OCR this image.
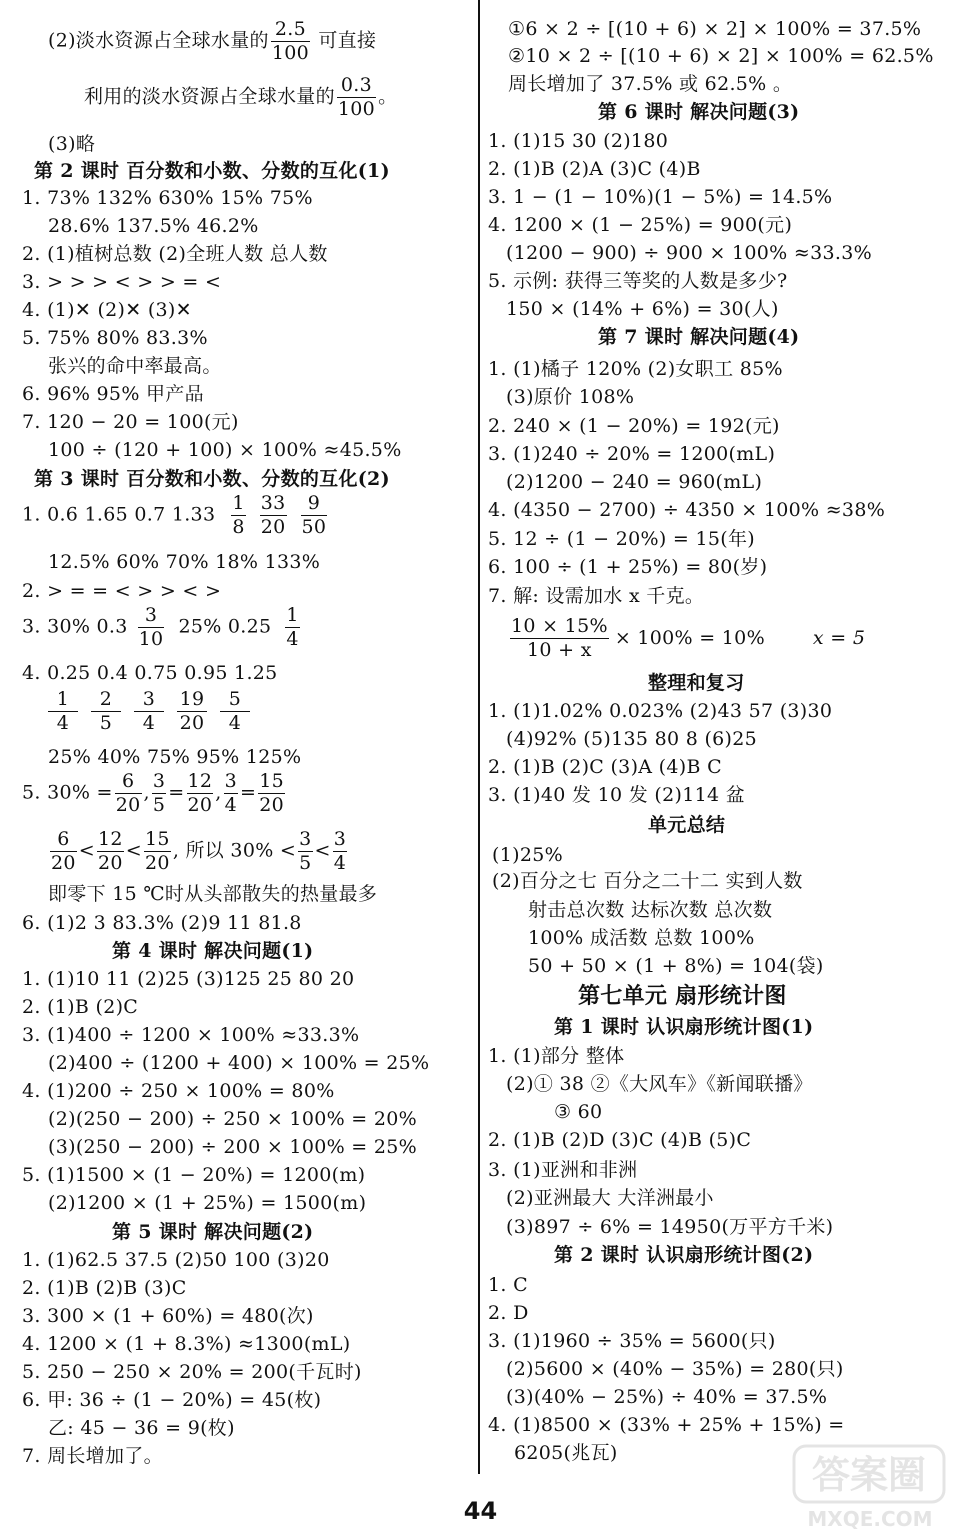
(2)淡水资源占全球水量的 $\frac{2.5}{100}$ 可直接
利用的淡水资源占全球水量的 $\frac{0.3}{100}$ 。
(3)略
第 2 课时 百分数和小数、分数的互化(1)
1. 73% 132% 630% 15% 75%
28.6% 137.5% 46.2%
2. (1)植树总数 (2)全班人数 总人数
3. > > > < > > = <
4. (1)✕ (2)✕ (3)✕
5. 75% 80% 83.3%
张兴的命中率最高。
6. 96% 95% 甲产品
7. 120 − 20 = 100(元)
100 ÷ (120 + 100) × 100% ≈45.5%
第 3 课时 百分数和小数、分数的互化(2)
1. 0.6 1.65 0.7 $1.33 \frac{1}{8} \frac{33}{20} \frac{9}{50}$
12.5% 60% 70% 18% 133%
2. > = = < > > < >
3. 30% $0.3 \frac{3}{10} 25\%$ $0.25 \frac{1}{4}$
4. 0.25 0.4 0.75 0.95 1.25
25% 40% 75% 95% 125%
5. $30\% = \frac{6}{20}$ , $\frac{3}{5} = \frac{12}{20}$ , $\frac{3}{4} = \frac{15}{20}$
$\frac{6}{20} < \frac{12}{20} < \frac{15}{20}$ , 所以 $30\% < \frac{3}{5} < \frac{3}{4}$
即零下 15 ℃时从头部散失的热量最多
6. (1)2 3 83.3% (2)9 11 81.8
第 4 课时 解决问题(1)
1. (1)10 11 (2)25 (3)125 25 80 20
2. (1)B (2)C
3. (1)400 ÷ 1200 × 100% ≈33.3%
(2)400 ÷ (1200 + 400) × 100% = 25%
4. (1)200 ÷ 250 × 100% = 80%
(2)(250 − 200) ÷ 250 × 100% = 20%
(3)(250 − 200) ÷ 200 × 100% = 25%
5. (1)1500 × (1 − 20%) = 1200(m)
(2)1200 × (1 + 25%) = 1500(m)
第 5 课时 解决问题(2)
1. (1)62.5 37.5 (2)50 100 (3)20
2. (1)B (2)B (3)C
3. 300 × (1 + 60%) = 480(次)
4. 1200 × (1 + 8.3%) ≈1300(mL)
5. 250 − 250 × 20% = 200(千瓦时)
6. 甲: 36 ÷ (1 − 20%) = 45(枚)
乙: 45 − 36 = 9(枚)
7. 周长增加了。
$\frac{1}{4} \frac{2}{5} \frac{3}{4} \frac{19}{20} \frac{5}{4}$
①6 × 2 ÷ [(10 + 6) × 2] × 100% = 37.5%
②10 × 2 ÷ [(10 + 6) × 2] × 100% = 62.5%
周长增加了 37.5% 或 62.5% 。
第 6 课时 解决问题(3)
1. (1)15 30 (2)180
2. (1)B (2)A (3)C (4)B
3. 1 − (1 − 10%)(1 − 5%) = 14.5%
4. 1200 × (1 − 25%) = 900(元)
(1200 − 900) ÷ 900 × 100% ≈33.3%
5. 示例: 获得三等奖的人数是多少?
150 × (14% + 6%) = 30(人)
第 7 课时 解决问题(4)
1. (1)橘子 120% (2)女职工 85%
(3)原价 108%
2. 240 × (1 − 20%) = 192(元)
3. (1)240 ÷ 20% = 1200(mL)
(2)1200 − 240 = 960(mL)
4. (4350 − 2700) ÷ 4350 × 100% ≈38%
5. 12 ÷ (1 − 20%) = 15(年)
6. 100 ÷ (1 + 25%) = 80(岁)
7. 解: 设需加水 x 千克。
整理和复习
1. (1)1.02% 0.023% (2)43 57 (3)30
(4)92% (5)135 80 8 (6)25
2. (1)B (2)C (3)A (4)B C
3. (1)40 发 10 发 (2)114 盆
单元总结
(1)25%
(2)百分之七 百分之二十二 实到人数
射击总次数 达标次数 总次数
100% 成活数 总数 100%
50 + 50 × (1 + 8%) = 104(袋)
第七单元 扇形统计图
第 1 课时 认识扇形统计图(1)
1. (1)部分 整体
(2)① 38 ②《大风车》《新闻联播》
③ 60
2. (1)B (2)D (3)C (4)B (5)C
3. (1)亚洲和非洲
(2)亚洲最大 大洋洲最小
(3)897 ÷ 6% = 14950(万平方千米)
第 2 课时 认识扇形统计图(2)
1. C
2. D
3. (1)1960 ÷ 35% = 5600(只)
(2)5600 × (40% − 35%) = 280(只)
(3)(40% − 25%) ÷ 40% = 37.5%
4. (1)8500 × (33% + 25% + 15%) =
6205(兆瓦)
$\frac{10 \times 15\%}{10 + x} \times 100\% = 10\%$	x = 5
44
答案圈
MXQE.COM
